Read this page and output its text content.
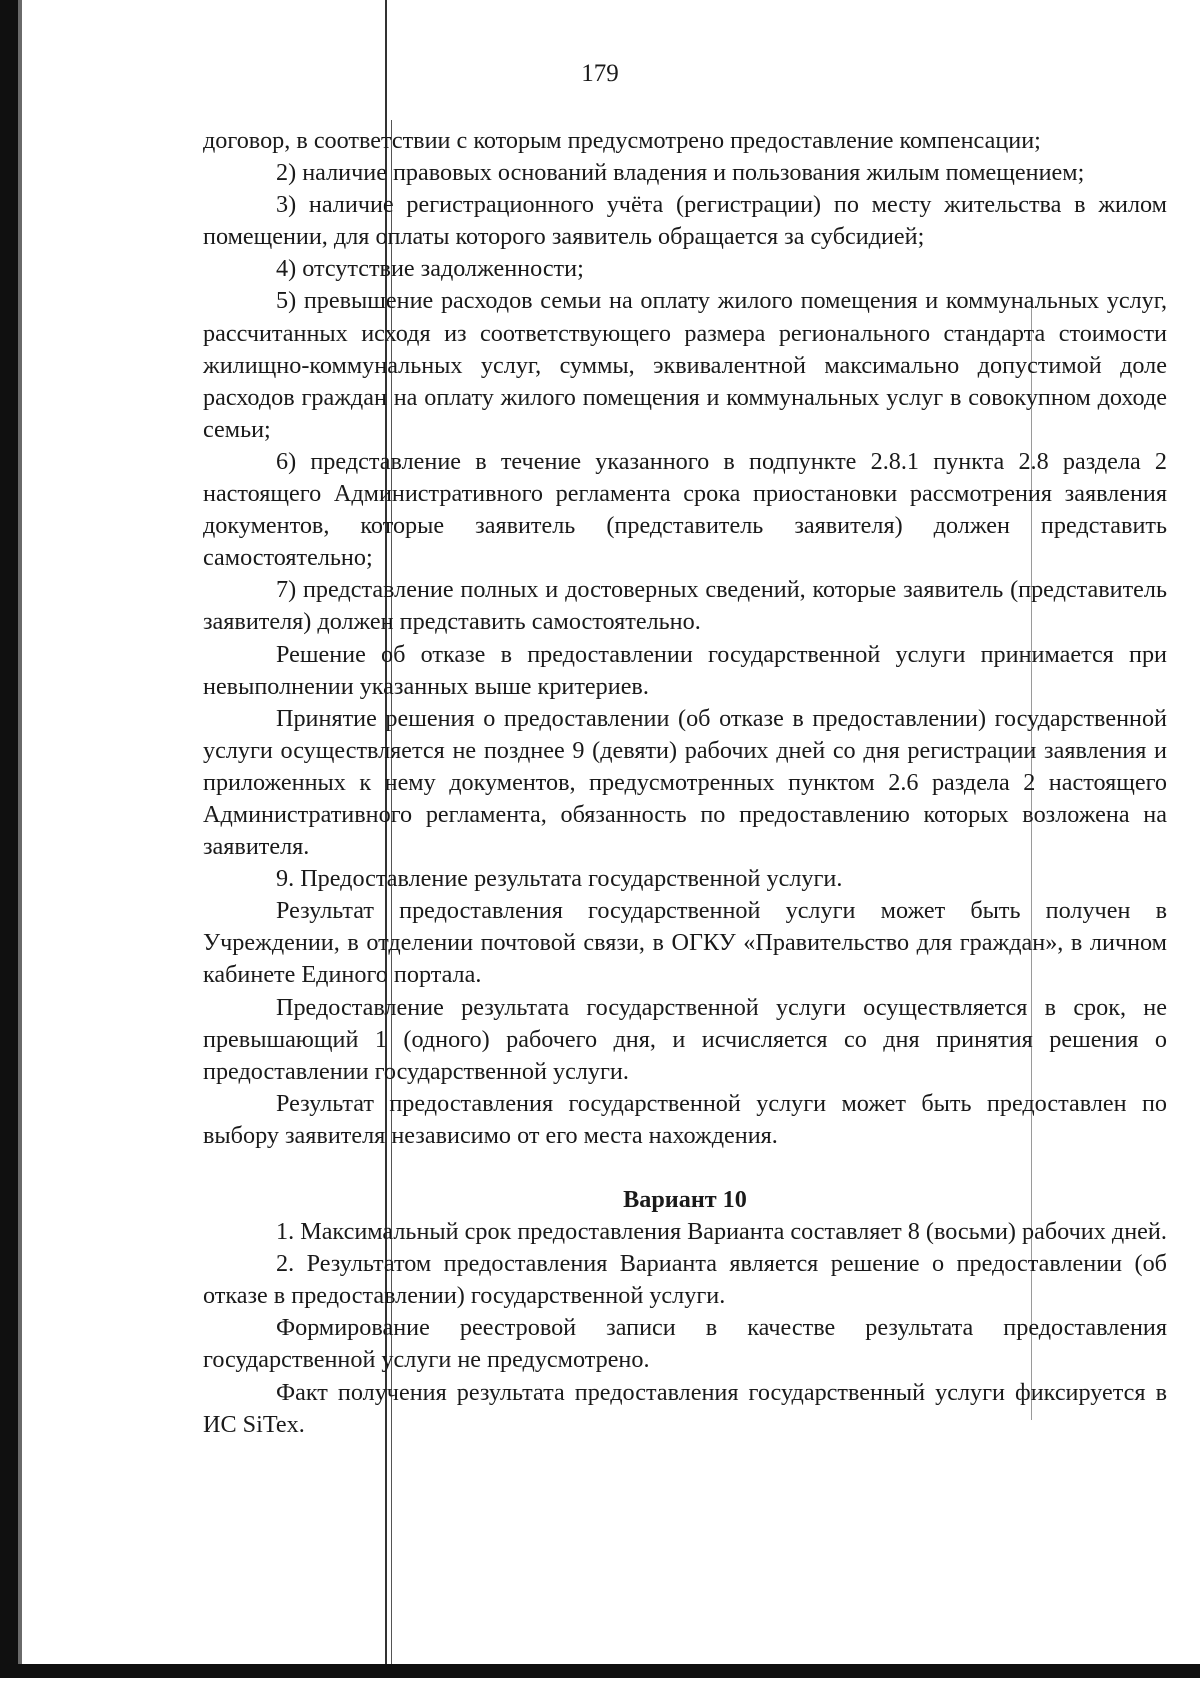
179

договор, в соответствии с которым предусмотрено предоставление компенсации;

2) наличие правовых оснований владения и пользования жилым помещением;

3) наличие регистрационного учёта (регистрации) по месту жительства в жилом помещении, для оплаты которого заявитель обращается за субсидией;

4) отсутствие задолженности;

5) превышение расходов семьи на оплату жилого помещения и коммунальных услуг, рассчитанных исходя из соответствующего размера регионального стандарта стоимости жилищно-коммунальных услуг, суммы, эквивалентной максимально допустимой доле расходов граждан на оплату жилого помещения и коммунальных услуг в совокупном доходе семьи;

6) представление в течение указанного в подпункте 2.8.1 пункта 2.8 раздела 2 настоящего Административного регламента срока приостановки рассмотрения заявления документов, которые заявитель (представитель заявителя) должен представить самостоятельно;

7) представление полных и достоверных сведений, которые заявитель (представитель заявителя) должен представить самостоятельно.

Решение об отказе в предоставлении государственной услуги принимается при невыполнении указанных выше критериев.

Принятие решения о предоставлении (об отказе в предоставлении) государственной услуги осуществляется не позднее 9 (девяти) рабочих дней со дня регистрации заявления и приложенных к нему документов, предусмотренных пунктом 2.6 раздела 2 настоящего Административного регламента, обязанность по предоставлению которых возложена на заявителя.

9. Предоставление результата государственной услуги.

Результат предоставления государственной услуги может быть получен в Учреждении, в отделении почтовой связи, в ОГКУ «Правительство для граждан», в личном кабинете Единого портала.

Предоставление результата государственной услуги осуществляется в срок, не превышающий 1 (одного) рабочего дня, и исчисляется со дня принятия решения о предоставлении государственной услуги.

Результат предоставления государственной услуги может быть предоставлен по выбору заявителя независимо от его места нахождения.

Вариант 10

1. Максимальный срок предоставления Варианта составляет 8 (восьми) рабочих дней.

2. Результатом предоставления Варианта является решение о предоставлении (об отказе в предоставлении) государственной услуги.

Формирование реестровой записи в качестве результата предоставления государственной услуги не предусмотрено.

Факт получения результата предоставления государственный услуги фиксируется в ИС SiTex.
